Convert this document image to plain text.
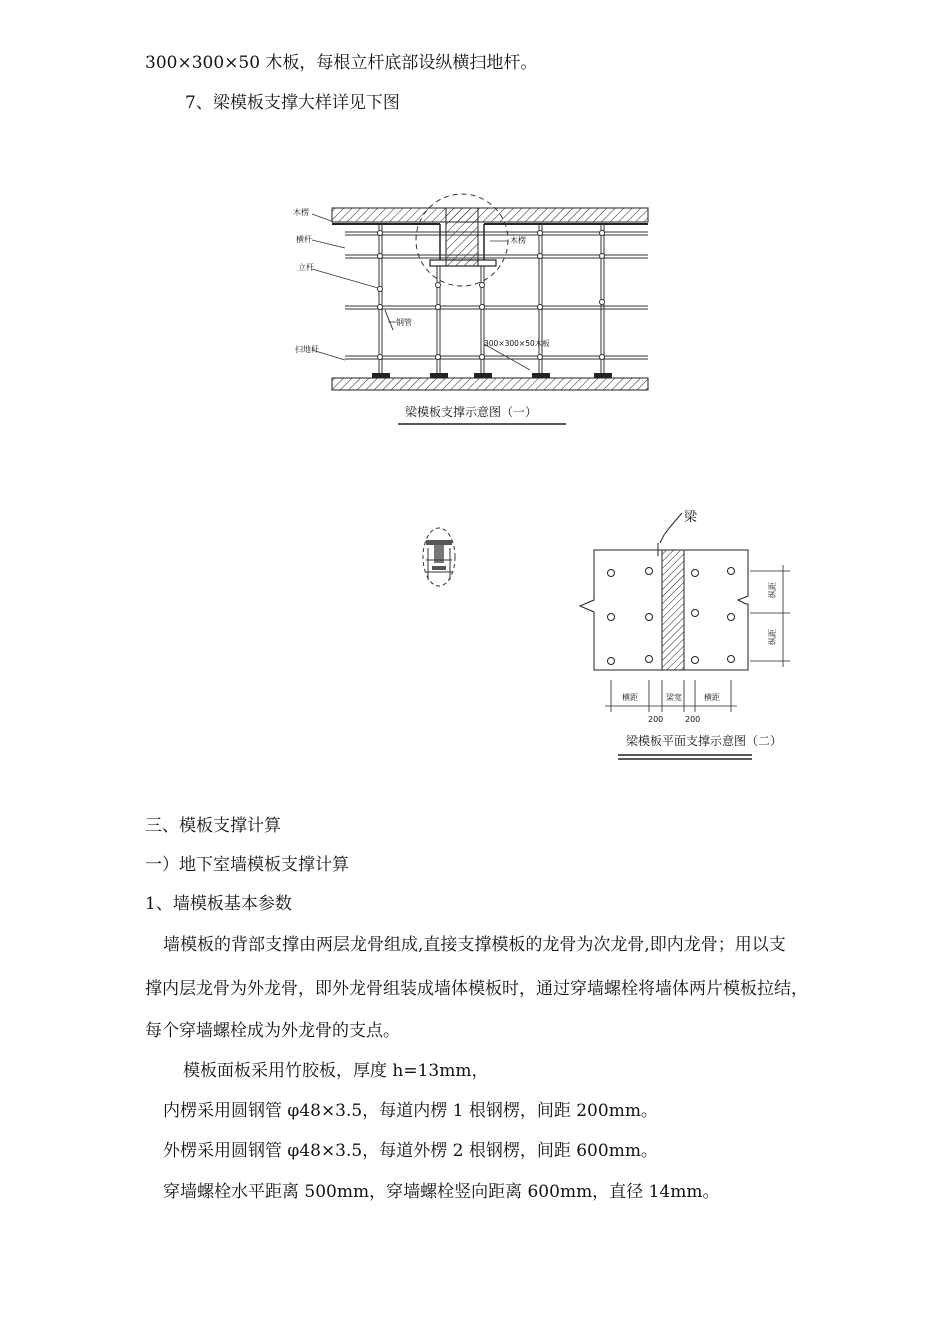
300×300×50 木板，每根立杆底部设纵横扫地杆。
7、梁模板支撑大样详见下图
木楞
横杆
立杆
扫地杆
木楞
钢管
300×300×50木板
梁模板支撑示意图（一）
梁
纵距
纵距
横距	梁宽	横距
200	200
梁模板平面支撑示意图（二）
三、模板支撑计算
一）地下室墙模板支撑计算
1、墙模板基本参数
墙模板的背部支撑由两层龙骨组成,直接支撑模板的龙骨为次龙骨,即内龙骨；用以支
撑内层龙骨为外龙骨，即外龙骨组装成墙体模板时，通过穿墙螺栓将墙体两片模板拉结，
每个穿墙螺栓成为外龙骨的支点。
模板面板采用竹胶板，厚度 h=13mm，
内楞采用圆钢管 φ48×3.5，每道内楞 1 根钢楞，间距 200mm。
外楞采用圆钢管 φ48×3.5，每道外楞 2 根钢楞，间距 600mm。
穿墙螺栓水平距离 500mm，穿墙螺栓竖向距离 600mm，直径 14mm。
